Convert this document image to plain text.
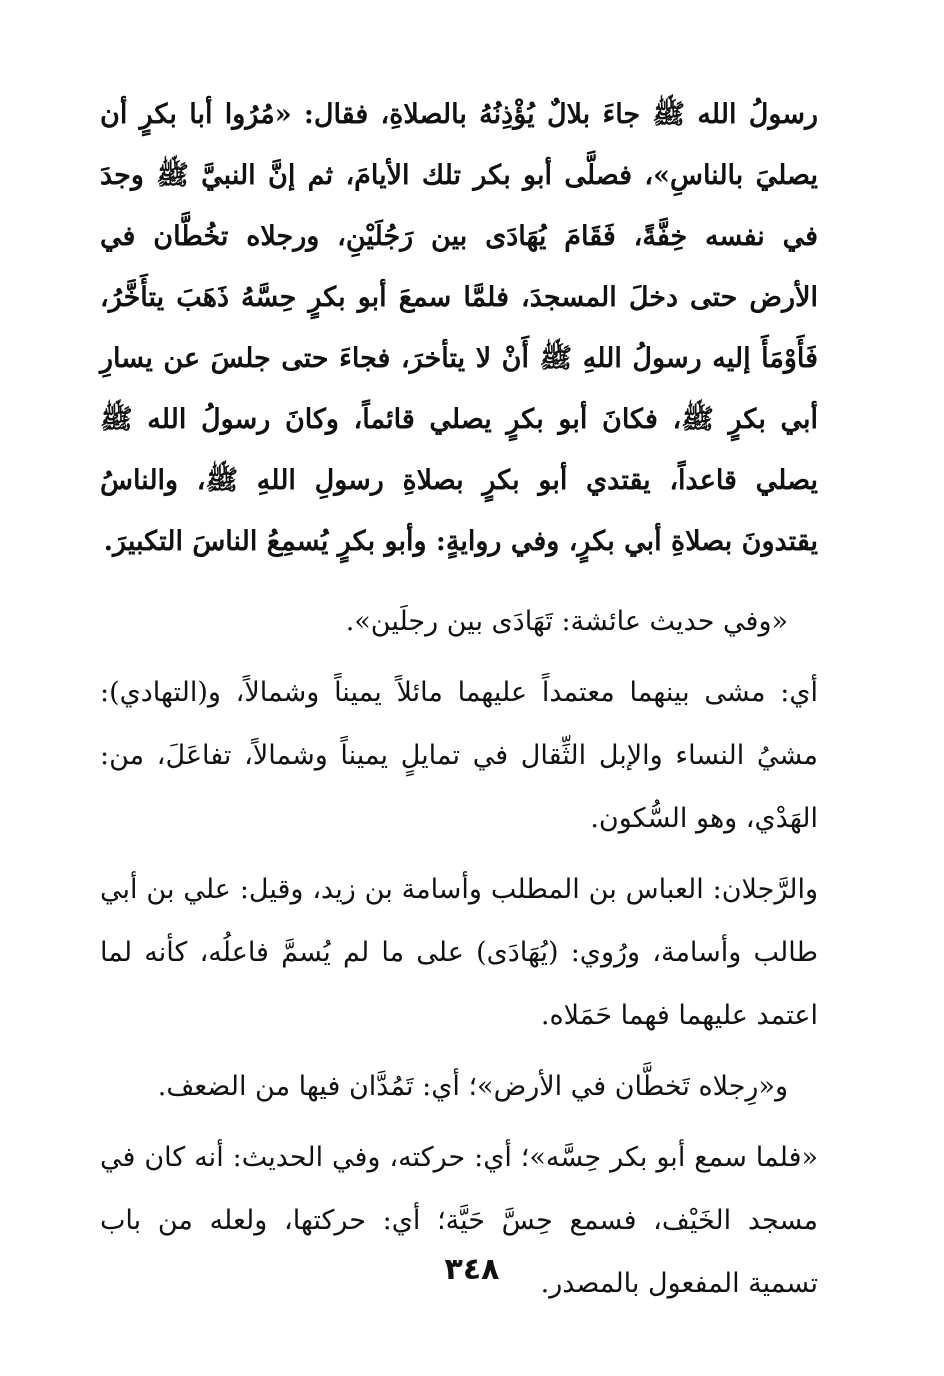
رسولُ الله ﷺ جاءَ بلالٌ يُؤْذِنُهُ بالصلاةِ، فقال: «مُرُوا أبا بكرٍ أن يصليَ بالناسِ»، فصلَّى أبو بكر تلك الأيامَ، ثم إنَّ النبيَّ ﷺ وجدَ في نفسه خِفَّةً، فَقَامَ يُهَادَى بين رَجُلَيْنِ، ورجلاه تخُطَّان في الأرض حتى دخلَ المسجدَ، فلمَّا سمعَ أبو بكرٍ حِسَّهُ ذَهَبَ يتأَخَّرُ، فَأَوْمَأَ إليه رسولُ اللهِ ﷺ أَنْ لا يتأخرَ، فجاءَ حتى جلسَ عن يسارِ أبي بكرٍ ﷺ، فكانَ أبو بكرٍ يصلي قائماً، وكانَ رسولُ الله ﷺ يصلي قاعداً، يقتدي أبو بكرٍ بصلاةِ رسولِ اللهِ ﷺ، والناسُ يقتدونَ بصلاةِ أبي بكرٍ، وفي روايةٍ: وأبو بكرٍ يُسمِعُ الناسَ التكبيرَ.

«وفي حديث عائشة: تَهَادَى بين رجلَين».

أي: مشى بينهما معتمداً عليهما مائلاً يميناً وشمالاً، و(التهادي): مشيُ النساء والإبل الثِّقال في تمايلٍ يميناً وشمالاً، تفاعَلَ، من: الهَدْي، وهو السُّكون.

والرَّجلان: العباس بن المطلب وأسامة بن زيد، وقيل: علي بن أبي طالب وأسامة، ورُوي: (يُهَادَى) على ما لم يُسمَّ فاعلُه، كأنه لما اعتمد عليهما فهما حَمَلاه.

و«رِجلاه تَخطَّان في الأرض»؛ أي: تَمُدَّان فيها من الضعف.

«فلما سمع أبو بكر حِسَّه»؛ أي: حركته، وفي الحديث: أنه كان في مسجد الخَيْف، فسمع حِسَّ حَيَّة؛ أي: حركتها، ولعله من باب تسمية المفعول بالمصدر.

٣٤٨
